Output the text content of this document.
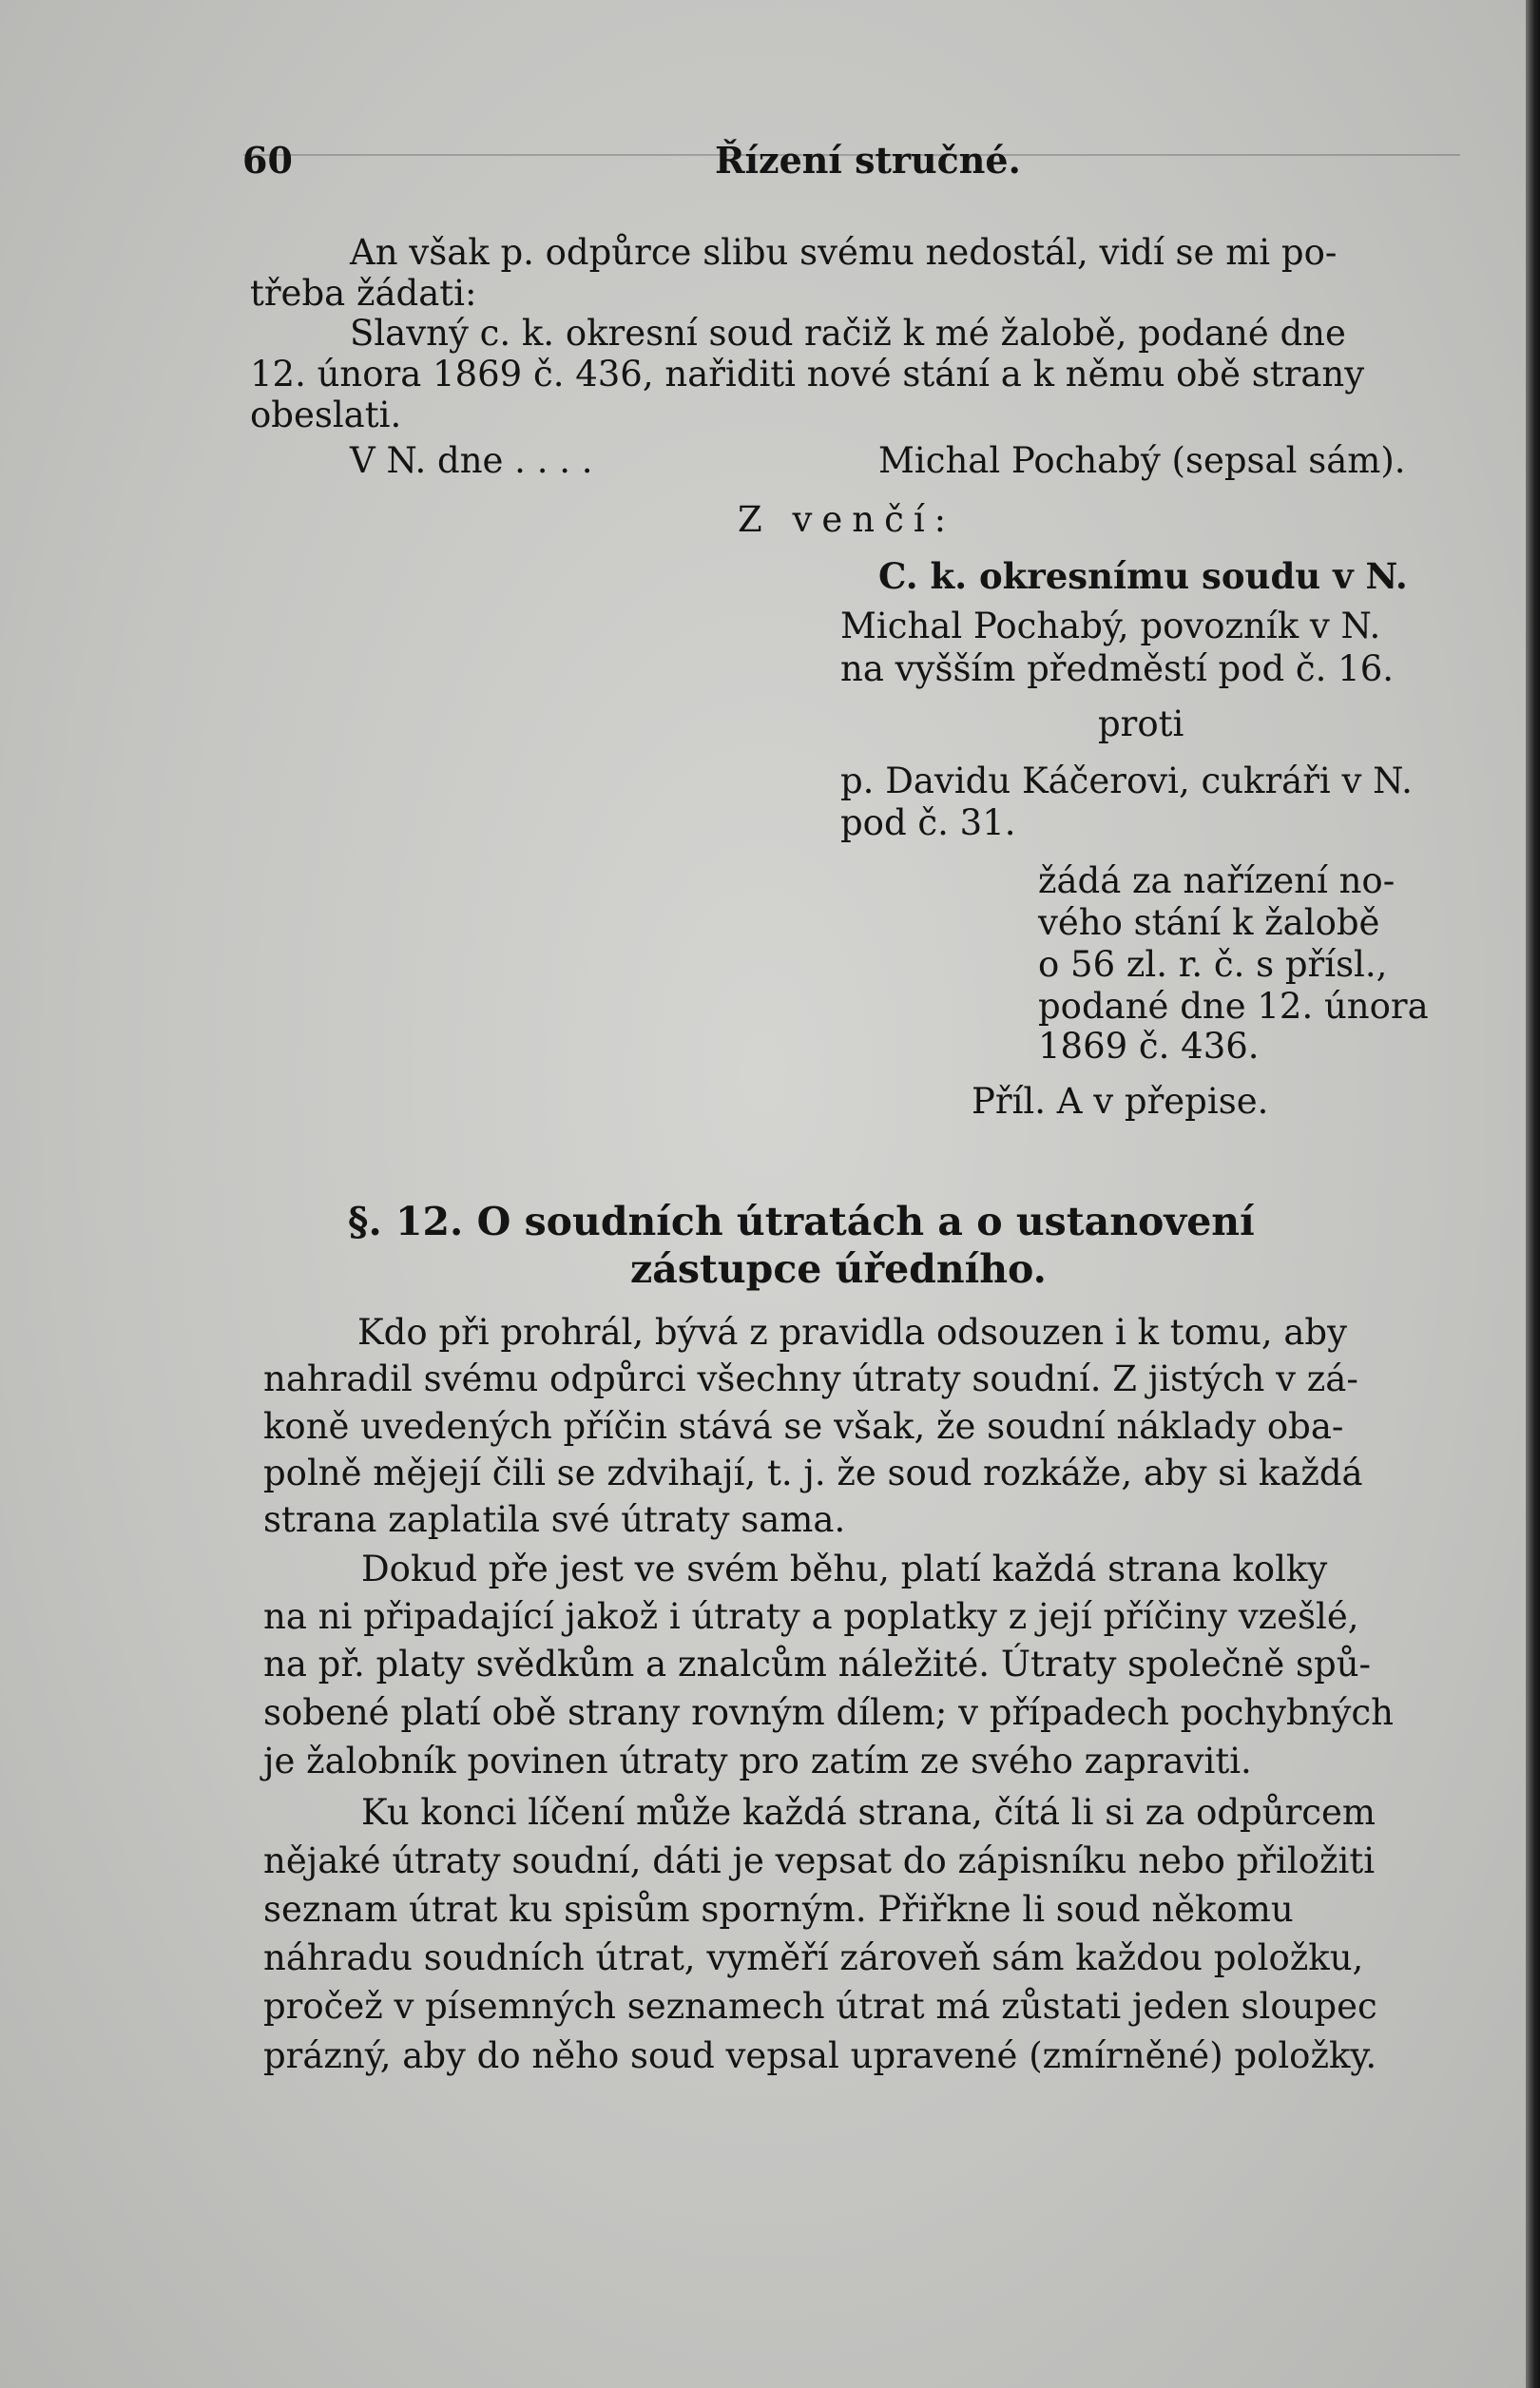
60	Řízení stručné.
An však p. odpůrce slibu svému nedostál, vidí se mi po-
třeba žádati:
Slavný c. k. okresní soud račiž k mé žalobě, podané dne
12. února 1869 č. 436, nařiditi nové stání a k němu obě strany
obeslati.
V N. dne . . . .	Michal Pochabý (sepsal sám).
Z venčí:
C. k. okresnímu soudu v N.
Michal Pochabý, povozník v N.
na vyšším předměstí pod č. 16.
proti
p. Davidu Káčerovi, cukráři v N.
pod č. 31.
žádá za nařízení no-
vého stání k žalobě
o 56 zl. r. č. s přísl.,
podané dne 12. února
1869 č. 436.
Příl. A v přepise.
§. 12. O soudních útratách a o ustanovení
zástupce úředního.
Kdo při prohrál, bývá z pravidla odsouzen i k tomu, aby
nahradil svému odpůrci všechny útraty soudní. Z jistých v zá-
koně uvedených příčin stává se však, že soudní náklady oba-
polně mějejí čili se zdvihají, t. j. že soud rozkáže, aby si každá
strana zaplatila své útraty sama.
Dokud pře jest ve svém běhu, platí každá strana kolky
na ni připadající jakož i útraty a poplatky z její příčiny vzešlé,
na př. platy svědkům a znalcům náležité. Útraty společně spů-
sobené platí obě strany rovným dílem; v případech pochybných
je žalobník povinen útraty pro zatím ze svého zapraviti.
Ku konci líčení může každá strana, čítá li si za odpůrcem
nějaké útraty soudní, dáti je vepsat do zápisníku nebo přiložiti
seznam útrat ku spisům sporným. Přiřkne li soud někomu
náhradu soudních útrat, vyměří zároveň sám každou položku,
pročež v písemných seznamech útrat má zůstati jeden sloupec
prázný, aby do něho soud vepsal upravené (zmírněné) položky.
